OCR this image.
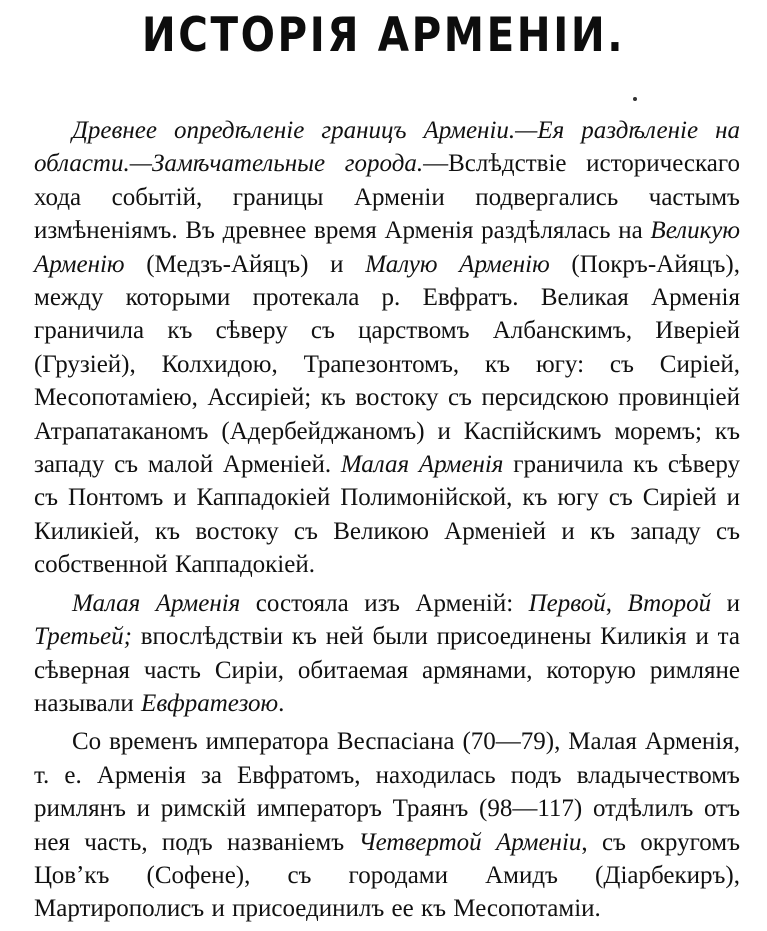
ИСТОРІЯ АРМЕНІИ.

Древнее опредѣленіе границъ Арменіи.—Ея раздѣленіе на области.—Замѣчательные города.—Вслѣдствіе историческаго хода событій, границы Арменіи подвергались частымъ измѣненіямъ. Въ древнее время Арменія раздѣлялась на Великую Арменію (Медзъ-Айяцъ) и Малую Арменію (Покръ-Айяцъ), между которыми протекала р. Евфратъ. Великая Арменія граничила къ сѣверу съ царствомъ Албанскимъ, Иверіей (Грузіей), Колхидою, Трапезонтомъ, къ югу: съ Сиріей, Месопотаміею, Ассиріей; къ востоку съ персидскою провинціей Атрапатаканомъ (Адербейджаномъ) и Каспійскимъ моремъ; къ западу съ малой Арменіей. Малая Арменія граничила къ сѣверу съ Понтомъ и Каппадокіей Полимонійской, къ югу съ Сиріей и Киликіей, къ востоку съ Великою Арменіей и къ западу съ собственной Каппадокіей.

Малая Арменія состояла изъ Арменій: Первой, Второй и Третьей; впослѣдствіи къ ней были присоединены Киликія и та сѣверная часть Сиріи, обитаемая армянами, которую римляне называли Евфратезою.

Со временъ императора Веспасіана (70—79), Малая Арменія, т. е. Арменія за Евфратомъ, находилась подъ владычествомъ римлянъ и римскій императоръ Траянъ (98—117) отдѣлилъ отъ нея часть, подъ названіемъ Четвертой Арменіи, съ округомъ Цовʼкъ (Софене), съ городами Амидъ (Діарбекиръ), Мартирополисъ и присоединилъ ее къ Месопотаміи.
